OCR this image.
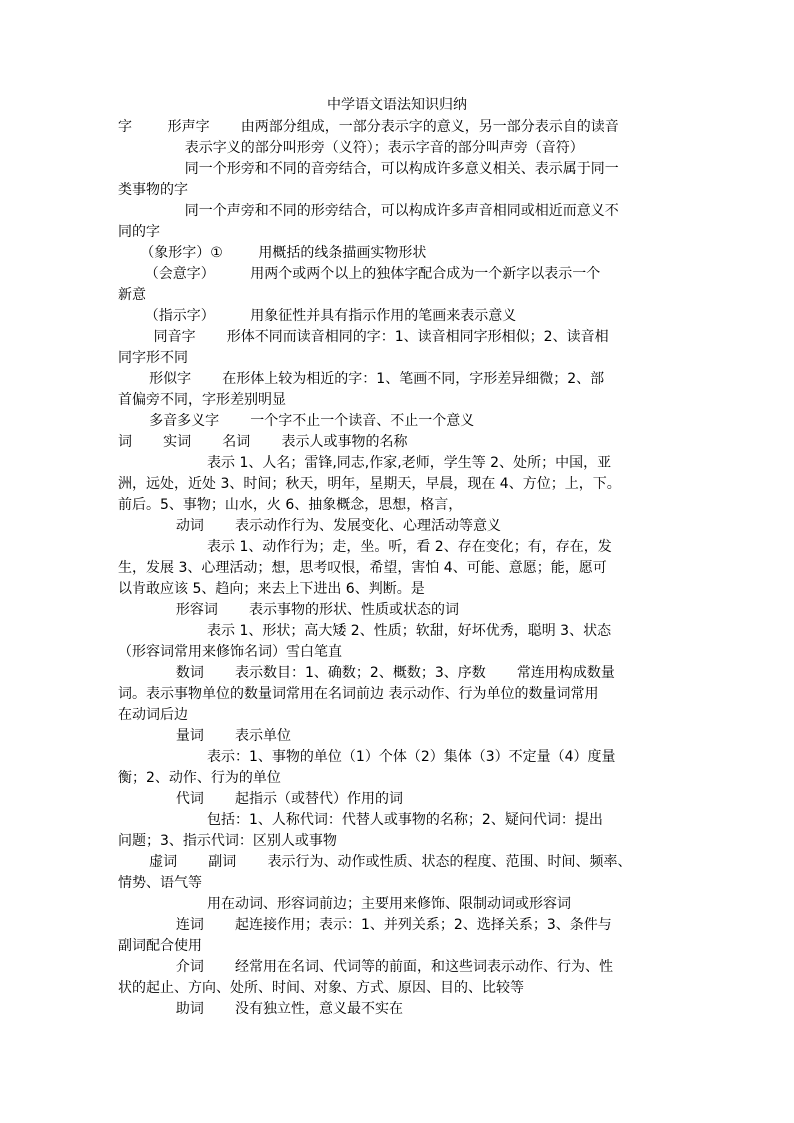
中学语文语法知识归纳
字        形声字       由两部分组成，一部分表示字的意义，另一部分表示自的读音
表示字义的部分叫形旁（义符）；表示字音的部分叫声旁（音符）
同一个形旁和不同的音旁结合，可以构成许多意义相关、表示属于同一
类事物的字
同一个声旁和不同的形旁结合，可以构成许多声音相同或相近而意义不
同的字
（象形字）①        用概括的线条描画实物形状
（会意字）        用两个或两个以上的独体字配合成为一个新字以表示一个
新意
（指示字）        用象征性并具有指示作用的笔画来表示意义
同音字       形体不同而读音相同的字：1、读音相同字形相似；2、读音相
同字形不同
形似字       在形体上较为相近的字：1、笔画不同，字形差异细微；2、部
首偏旁不同，字形差别明显
多音多义字       一个字不止一个读音、不止一个意义
词       实词       名词       表示人或事物的名称
表示 1、人名；雷锋,同志,作家,老师，学生等 2、处所；中国，亚
洲，远处，近处 3、时间；秋天，明年，星期天，早晨，现在 4、方位；上，下。
前后。5、事物；山水，火 6、抽象概念，思想，格言，
动词       表示动作行为、发展变化、心理活动等意义
表示 1、动作行为；走，坐。听，看 2、存在变化；有，存在，发
生，发展 3、心理活动；想，思考叹恨，希望，害怕 4、可能、意愿；能，愿可
以肯敢应该 5、趋向；来去上下进出 6、判断。是
形容词       表示事物的形状、性质或状态的词
表示 1、形状；高大矮 2、性质；软甜，好坏优秀，聪明 3、状态
（形容词常用来修饰名词）雪白笔直
数词       表示数目：1、确数；2、概数；3、序数       常连用构成数量
词。表示事物单位的数量词常用在名词前边 表示动作、行为单位的数量词常用
在动词后边
量词       表示单位
表示：1、事物的单位（1）个体（2）集体（3）不定量（4）度量
衡；2、动作、行为的单位
代词       起指示（或替代）作用的词
包括：1、人称代词：代替人或事物的名称；2、疑问代词：提出
问题；3、指示代词：区别人或事物
虚词       副词       表示行为、动作或性质、状态的程度、范围、时间、频率、
情势、语气等
用在动词、形容词前边；主要用来修饰、限制动词或形容词
连词       起连接作用；表示：1、并列关系；2、选择关系；3、条件与
副词配合使用
介词       经常用在名词、代词等的前面，和这些词表示动作、行为、性
状的起止、方向、处所、时间、对象、方式、原因、目的、比较等
助词       没有独立性，意义最不实在
